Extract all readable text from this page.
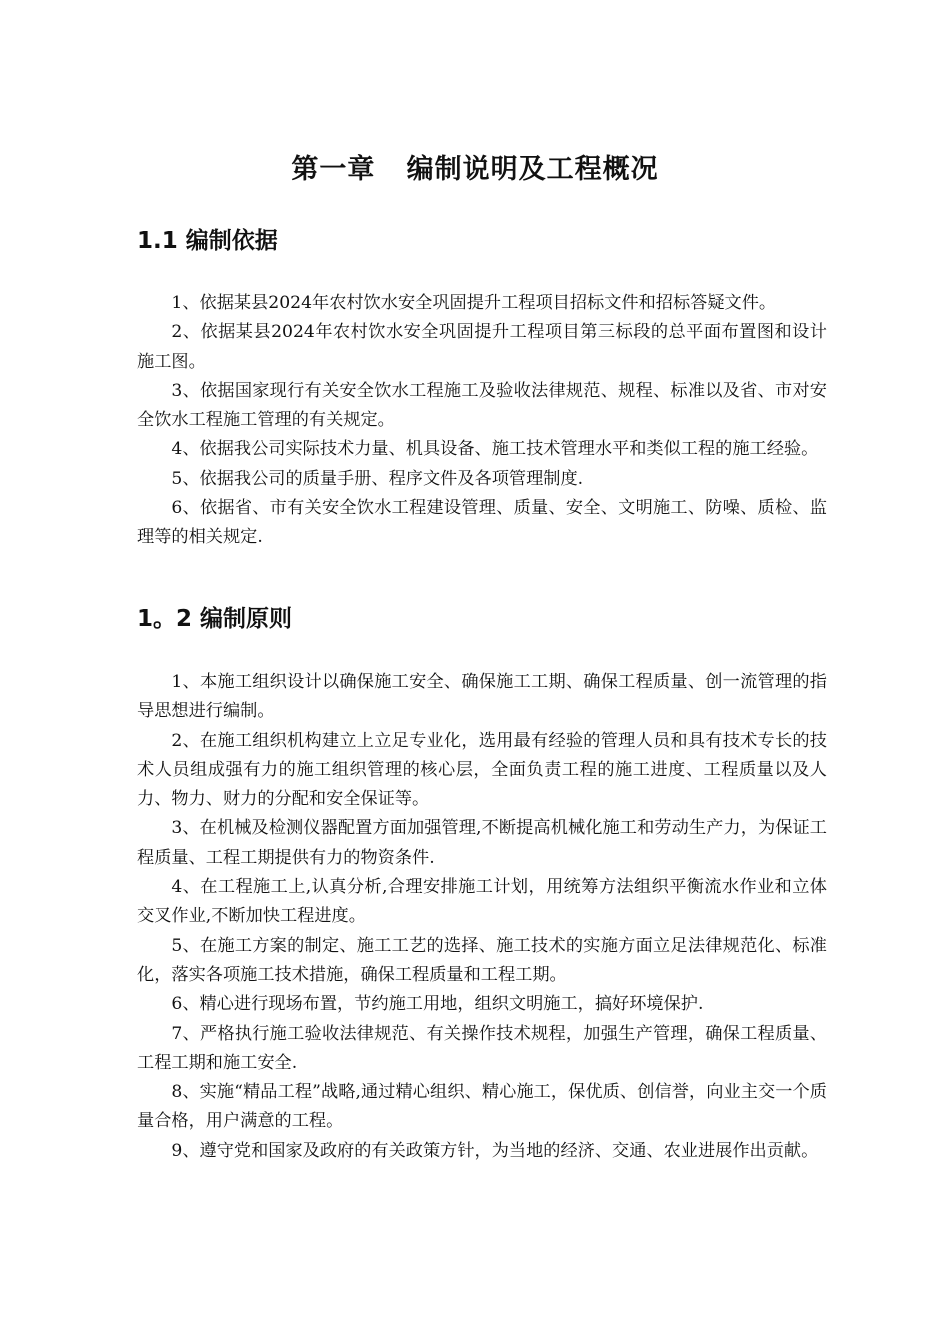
第一章   编制说明及工程概况
1.1 编制依据

1、依据某县2024年农村饮水安全巩固提升工程项目招标文件和招标答疑文件。

2、依据某县2024年农村饮水安全巩固提升工程项目第三标段的总平面布置图和设计施工图。

3、依据国家现行有关安全饮水工程施工及验收法律规范、规程、标准以及省、市对安全饮水工程施工管理的有关规定。

4、依据我公司实际技术力量、机具设备、施工技术管理水平和类似工程的施工经验。

5、依据我公司的质量手册、程序文件及各项管理制度.

6、依据省、市有关安全饮水工程建设管理、质量、安全、文明施工、防噪、质检、监理等的相关规定.

1。2 编制原则

1、本施工组织设计以确保施工安全、确保施工工期、确保工程质量、创一流管理的指导思想进行编制。

2、在施工组织机构建立上立足专业化，选用最有经验的管理人员和具有技术专长的技术人员组成强有力的施工组织管理的核心层，全面负责工程的施工进度、工程质量以及人力、物力、财力的分配和安全保证等。

3、在机械及检测仪器配置方面加强管理,不断提高机械化施工和劳动生产力，为保证工程质量、工程工期提供有力的物资条件.

4、在工程施工上,认真分析,合理安排施工计划，用统筹方法组织平衡流水作业和立体交叉作业,不断加快工程进度。

5、在施工方案的制定、施工工艺的选择、施工技术的实施方面立足法律规范化、标准化，落实各项施工技术措施，确保工程质量和工程工期。

6、精心进行现场布置，节约施工用地，组织文明施工，搞好环境保护.

7、严格执行施工验收法律规范、有关操作技术规程，加强生产管理，确保工程质量、工程工期和施工安全.

8、实施“精品工程”战略,通过精心组织、精心施工，保优质、创信誉，向业主交一个质量合格，用户满意的工程。

9、遵守党和国家及政府的有关政策方针，为当地的经济、交通、农业进展作出贡献。
